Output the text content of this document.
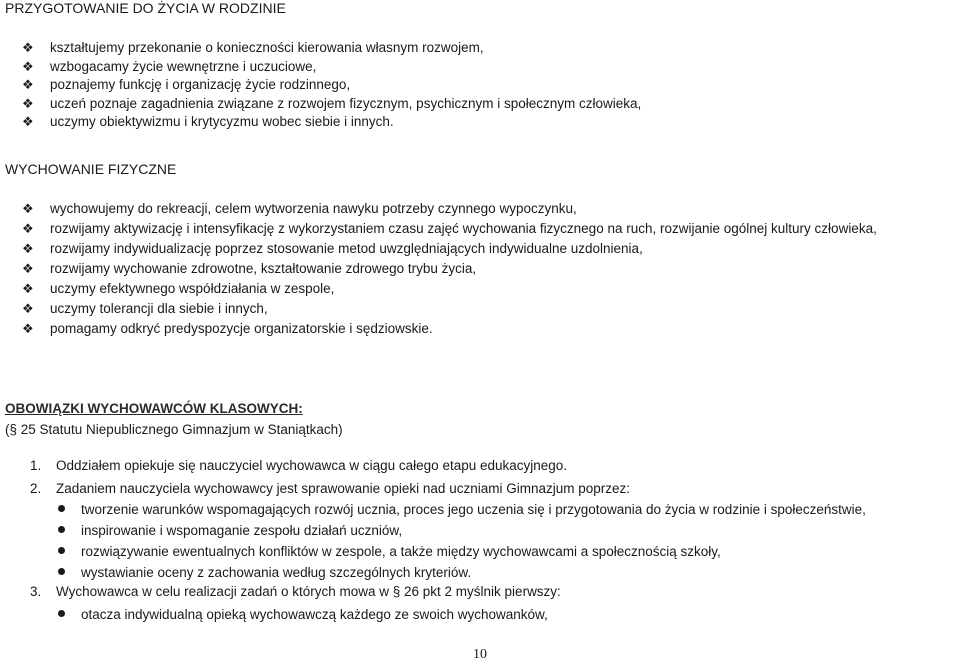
PRZYGOTOWANIE DO ŻYCIA W RODZINIE
❖ kształtujemy przekonanie o konieczności kierowania własnym rozwojem,
❖ wzbogacamy życie wewnętrzne i uczuciowe,
❖ poznajemy funkcję i organizację życie rodzinnego,
❖ uczeń poznaje zagadnienia związane z rozwojem fizycznym, psychicznym i społecznym człowieka,
❖ uczymy obiektywizmu i krytycyzmu wobec siebie i innych.
WYCHOWANIE FIZYCZNE
❖ wychowujemy do rekreacji, celem wytworzenia nawyku potrzeby czynnego wypoczynku,
❖ rozwijamy aktywizację i intensyfikację z wykorzystaniem czasu zajęć wychowania fizycznego na ruch, rozwijanie ogólnej kultury człowieka,
❖ rozwijamy indywidualizację poprzez stosowanie metod uwzględniających indywidualne uzdolnienia,
❖ rozwijamy wychowanie zdrowotne, kształtowanie zdrowego trybu życia,
❖ uczymy efektywnego współdziałania w zespole,
❖ uczymy tolerancji dla siebie i innych,
❖ pomagamy odkryć predyspozycje organizatorskie i sędziowskie.

OBOWIĄZKI WYCHOWAWCÓW KLASOWYCH:

(§ 25 Statutu Niepublicznego Gimnazjum w Staniątkach)

1. Oddziałem opiekuje się nauczyciel wychowawca w ciągu całego etapu edukacyjnego.
2. Zadaniem nauczyciela wychowawcy jest sprawowanie opieki nad uczniami Gimnazjum poprzez:
tworzenie warunków wspomagających rozwój ucznia, proces jego uczenia się i przygotowania do życia w rodzinie i społeczeństwie,
inspirowanie i wspomaganie zespołu działań uczniów,
rozwiązywanie ewentualnych konfliktów w zespole, a także między wychowawcami a społecznością szkoły,
wystawianie oceny z zachowania według szczególnych kryteriów.
3. Wychowawca w celu realizacji zadań o których mowa w § 26 pkt 2 myślnik pierwszy:
otacza indywidualną opieką wychowawczą każdego ze swoich wychowanków,
10
